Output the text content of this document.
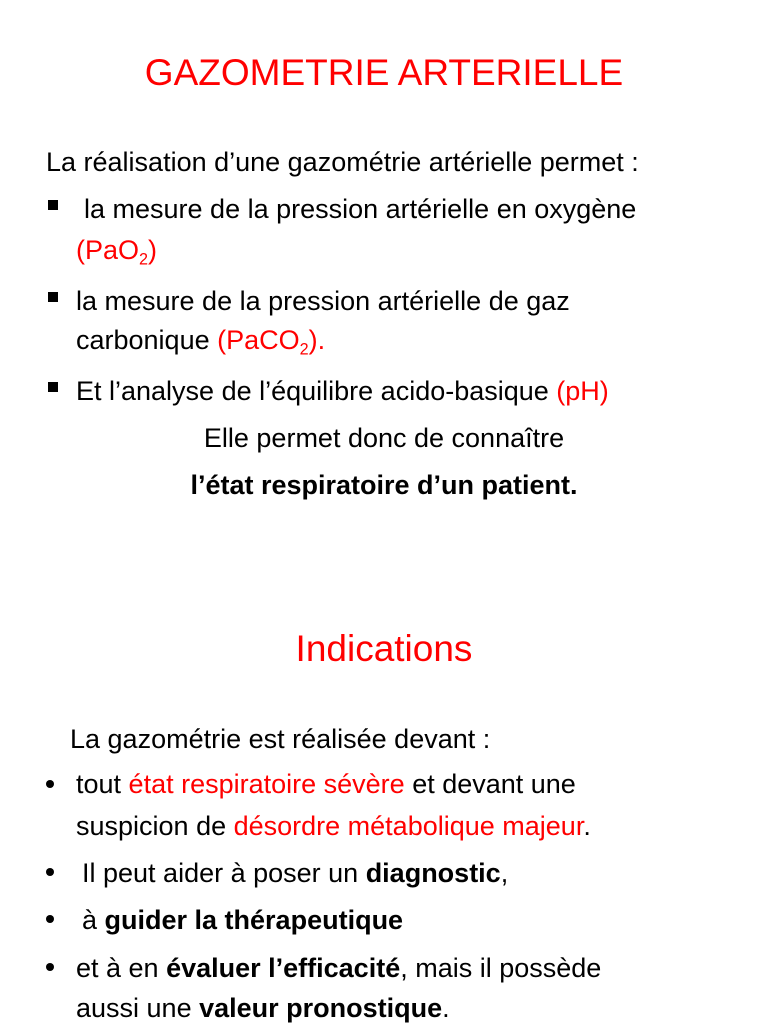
GAZOMETRIE ARTERIELLE
La réalisation d’une gazométrie artérielle permet :
la mesure de la pression artérielle en oxygène
(PaO$_2$)
la mesure de la pression artérielle de gaz
carbonique (PaCO$_2$).
Et l’analyse de l’équilibre acido-basique (pH)
Elle permet donc de connaître
l’état respiratoire d’un patient.
Indications
La gazométrie est réalisée devant :
tout état respiratoire sévère et devant une
suspicion de désordre métabolique majeur.
Il peut aider à poser un diagnostic,
à guider la thérapeutique
et à en évaluer l’efficacité, mais il possède
aussi une valeur pronostique.
